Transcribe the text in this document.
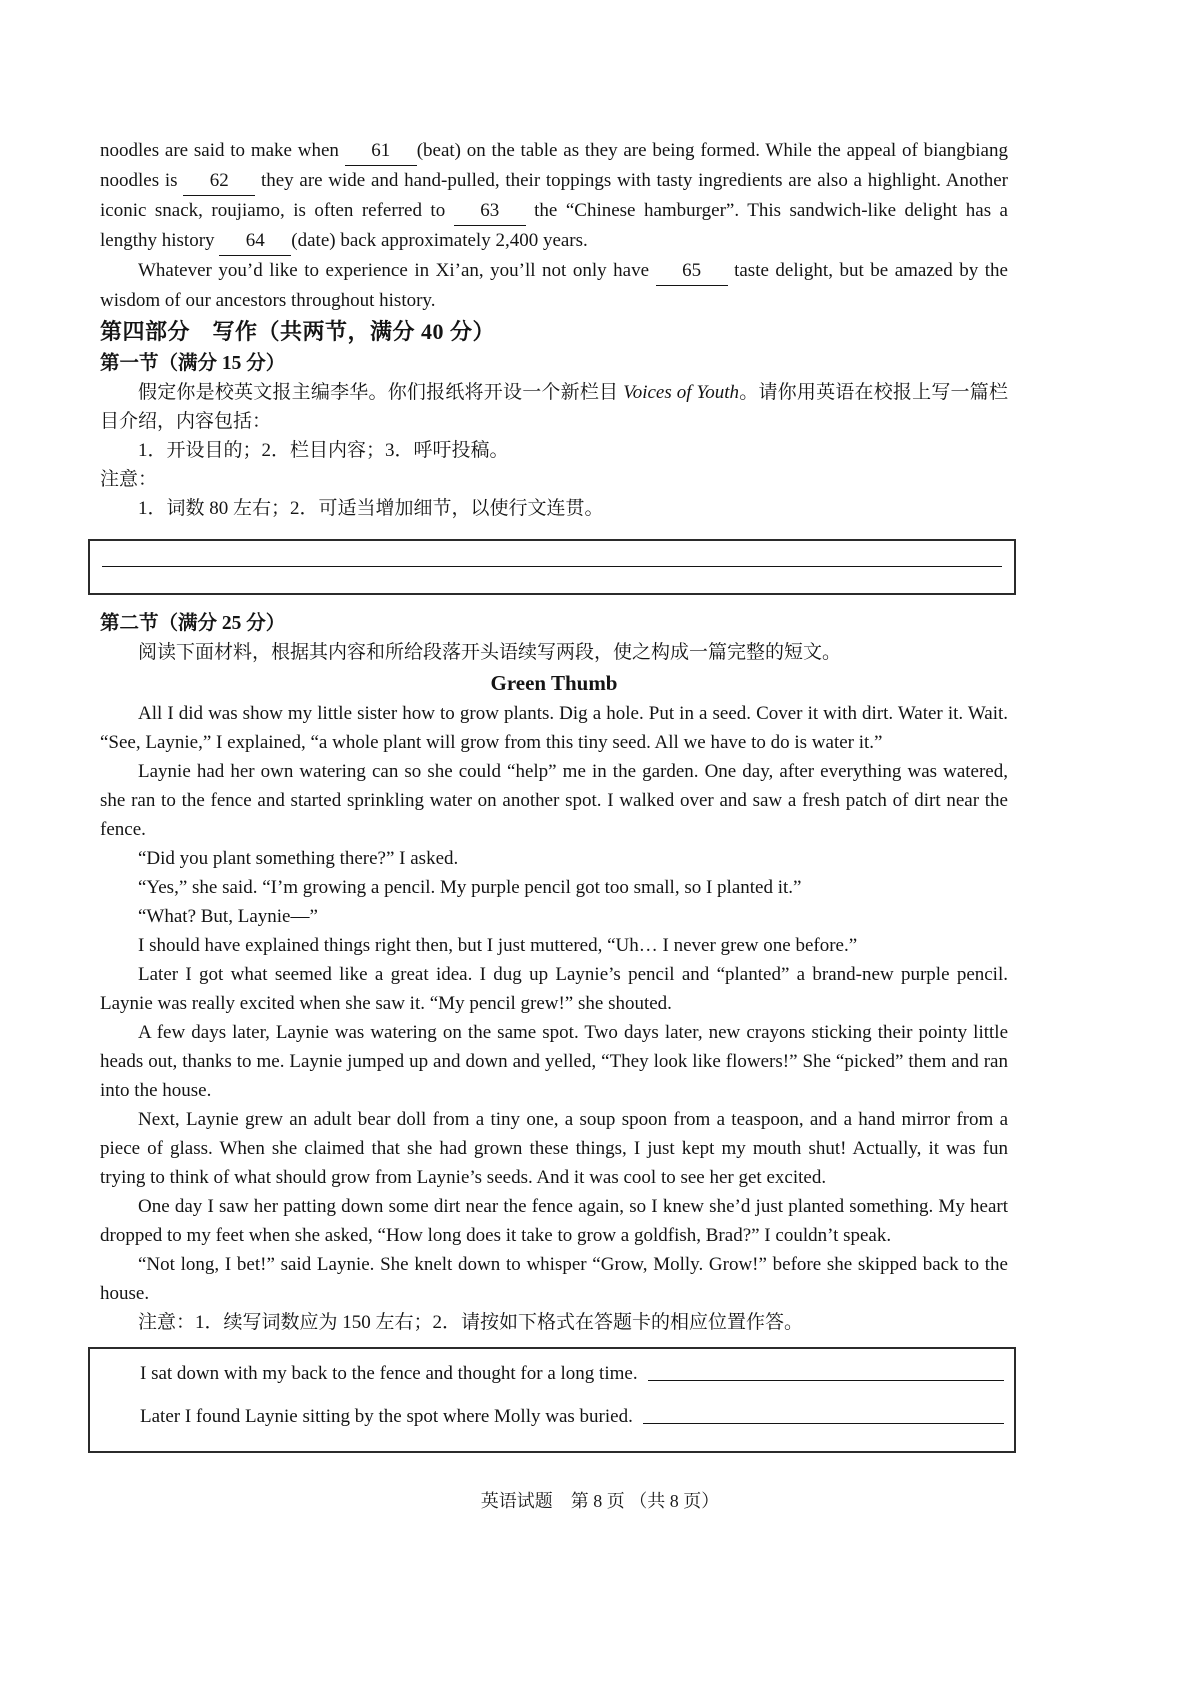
noodles are said to make when 61 (beat) on the table as they are being formed. While the appeal of biangbiang noodles is 62 they are wide and hand-pulled, their toppings with tasty ingredients are also a highlight. Another iconic snack, roujiamo, is often referred to 63 the “Chinese hamburger”. This sandwich-like delight has a lengthy history 64 (date) back approximately 2,400 years.

Whatever you’d like to experience in Xi’an, you’ll not only have 65 taste delight, but be amazed by the wisdom of our ancestors throughout history.

第四部分　写作（共两节，满分 40 分）
第一节（满分 15 分）

假定你是校英文报主编李华。你们报纸将开设一个新栏目 Voices of Youth。请你用英语在校报上写一篇栏目介绍，内容包括：

1．开设目的；2．栏目内容；3．呼吁投稿。

注意：

1．词数 80 左右；2．可适当增加细节，以使行文连贯。

第二节（满分 25 分）

阅读下面材料，根据其内容和所给段落开头语续写两段，使之构成一篇完整的短文。

Green Thumb

All I did was show my little sister how to grow plants. Dig a hole. Put in a seed. Cover it with dirt. Water it. Wait. “See, Laynie,” I explained, “a whole plant will grow from this tiny seed. All we have to do is water it.”

Laynie had her own watering can so she could “help” me in the garden. One day, after everything was watered, she ran to the fence and started sprinkling water on another spot. I walked over and saw a fresh patch of dirt near the fence.

“Did you plant something there?” I asked.

“Yes,” she said. “I’m growing a pencil. My purple pencil got too small, so I planted it.”

“What? But, Laynie—”

I should have explained things right then, but I just muttered, “Uh… I never grew one before.”

Later I got what seemed like a great idea. I dug up Laynie’s pencil and “planted” a brand-new purple pencil. Laynie was really excited when she saw it. “My pencil grew!” she shouted.

A few days later, Laynie was watering on the same spot. Two days later, new crayons sticking their pointy little heads out, thanks to me. Laynie jumped up and down and yelled, “They look like flowers!” She “picked” them and ran into the house.

Next, Laynie grew an adult bear doll from a tiny one, a soup spoon from a teaspoon, and a hand mirror from a piece of glass. When she claimed that she had grown these things, I just kept my mouth shut! Actually, it was fun trying to think of what should grow from Laynie’s seeds. And it was cool to see her get excited.

One day I saw her patting down some dirt near the fence again, so I knew she’d just planted something. My heart dropped to my feet when she asked, “How long does it take to grow a goldfish, Brad?” I couldn’t speak.

“Not long, I bet!” said Laynie. She knelt down to whisper “Grow, Molly. Grow!” before she skipped back to the house.

注意：1．续写词数应为 150 左右；2．请按如下格式在答题卡的相应位置作答。

I sat down with my back to the fence and thought for a long time.
Later I found Laynie sitting by the spot where Molly was buried.
英语试题　第 8 页 （共 8 页）
